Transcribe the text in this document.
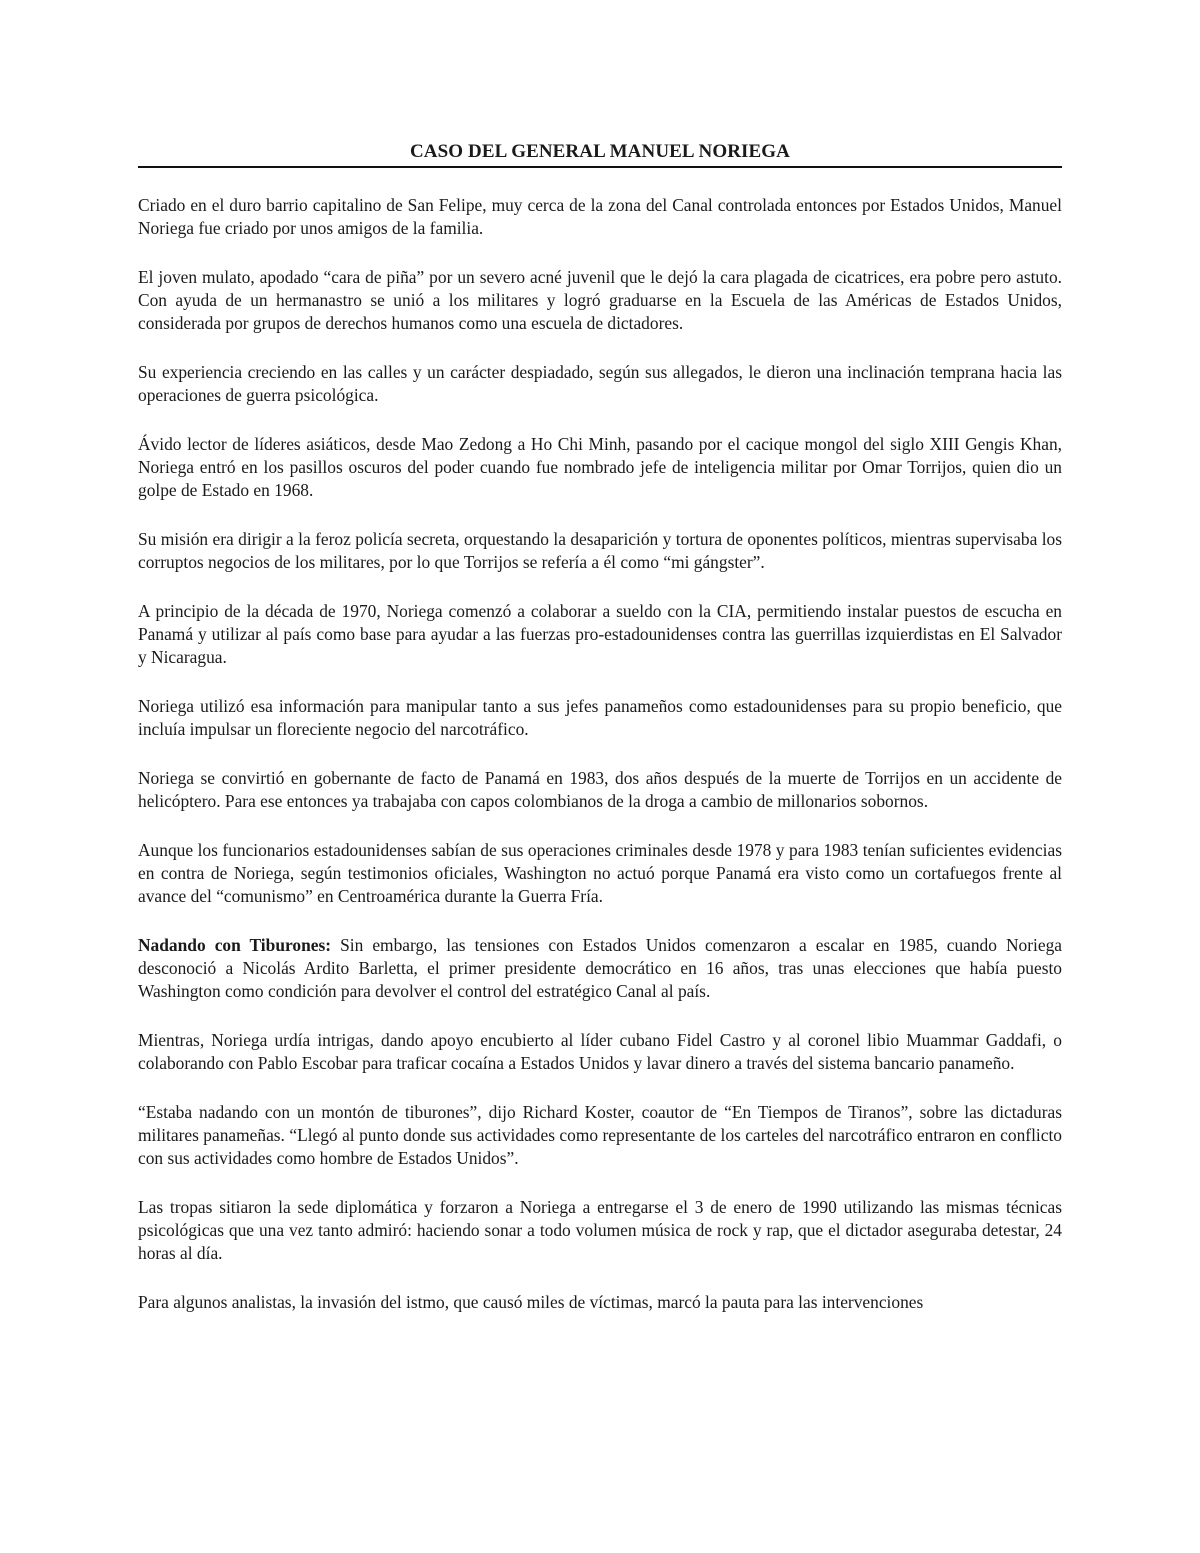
CASO DEL GENERAL MANUEL NORIEGA

Criado en el duro barrio capitalino de San Felipe, muy cerca de la zona del Canal controlada entonces por Estados Unidos, Manuel Noriega fue criado por unos amigos de la familia.

El joven mulato, apodado “cara de piña” por un severo acné juvenil que le dejó la cara plagada de cicatrices, era pobre pero astuto. Con ayuda de un hermanastro se unió a los militares y logró graduarse en la Escuela de las Américas de Estados Unidos, considerada por grupos de derechos humanos como una escuela de dictadores.

Su experiencia creciendo en las calles y un carácter despiadado, según sus allegados, le dieron una inclinación temprana hacia las operaciones de guerra psicológica.

Ávido lector de líderes asiáticos, desde Mao Zedong a Ho Chi Minh, pasando por el cacique mongol del siglo XIII Gengis Khan, Noriega entró en los pasillos oscuros del poder cuando fue nombrado jefe de inteligencia militar por Omar Torrijos, quien dio un golpe de Estado en 1968.

Su misión era dirigir a la feroz policía secreta, orquestando la desaparición y tortura de oponentes políticos, mientras supervisaba los corruptos negocios de los militares, por lo que Torrijos se refería a él como “mi gángster”.

A principio de la década de 1970, Noriega comenzó a colaborar a sueldo con la CIA, permitiendo instalar puestos de escucha en Panamá y utilizar al país como base para ayudar a las fuerzas pro-estadounidenses contra las guerrillas izquierdistas en El Salvador y Nicaragua.

Noriega utilizó esa información para manipular tanto a sus jefes panameños como estadounidenses para su propio beneficio, que incluía impulsar un floreciente negocio del narcotráfico.

Noriega se convirtió en gobernante de facto de Panamá en 1983, dos años después de la muerte de Torrijos en un accidente de helicóptero. Para ese entonces ya trabajaba con capos colombianos de la droga a cambio de millonarios sobornos.

Aunque los funcionarios estadounidenses sabían de sus operaciones criminales desde 1978 y para 1983 tenían suficientes evidencias en contra de Noriega, según testimonios oficiales, Washington no actuó porque Panamá era visto como un cortafuegos frente al avance del “comunismo” en Centroamérica durante la Guerra Fría.

Nadando con Tiburones: Sin embargo, las tensiones con Estados Unidos comenzaron a escalar en 1985, cuando Noriega desconoció a Nicolás Ardito Barletta, el primer presidente democrático en 16 años, tras unas elecciones que había puesto Washington como condición para devolver el control del estratégico Canal al país.

Mientras, Noriega urdía intrigas, dando apoyo encubierto al líder cubano Fidel Castro y al coronel libio Muammar Gaddafi, o colaborando con Pablo Escobar para traficar cocaína a Estados Unidos y lavar dinero a través del sistema bancario panameño.

“Estaba nadando con un montón de tiburones”, dijo Richard Koster, coautor de “En Tiempos de Tiranos”, sobre las dictaduras militares panameñas. “Llegó al punto donde sus actividades como representante de los carteles del narcotráfico entraron en conflicto con sus actividades como hombre de Estados Unidos”.

Las tropas sitiaron la sede diplomática y forzaron a Noriega a entregarse el 3 de enero de 1990 utilizando las mismas técnicas psicológicas que una vez tanto admiró: haciendo sonar a todo volumen música de rock y rap, que el dictador aseguraba detestar, 24 horas al día.

Para algunos analistas, la invasión del istmo, que causó miles de víctimas, marcó la pauta para las intervenciones
